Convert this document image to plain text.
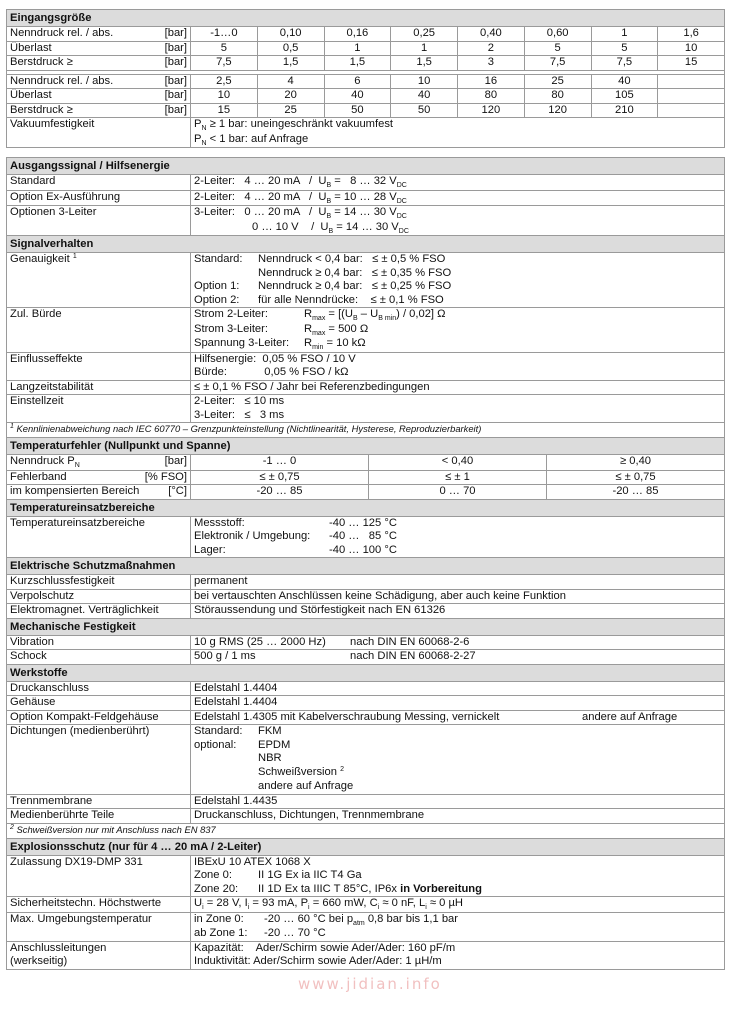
Eingangsgröße								

Nenndruck rel. / abs. [bar]	-1…0	0,10	0,16	0,25	0,40	0,60	1	1,6

Überlast [bar]	5	0,5	1	1	2	5	5	10

Berstdruck ≥ [bar]	7,5	1,5	1,5	1,5	3	7,5	7,5	15

Nenndruck rel. / abs. [bar]	2,5	4	6	10	16	25	40	

Überlast [bar]	10	20	40	40	80	80	105	

Berstdruck ≥ [bar]	15	25	50	50	120	120	210	
Vakuumfestigkeit	$P_N \ge 1$ bar: uneingeschränkt vakuumfest
$P_N < 1$ bar: auf Anfrage							
Ausgangssignal / Hilfsenergie	
Standard	2-Leiter:   4 … 20 mA   /  $U_B = 8$ … 32 $V_{DC}$
Option Ex-Ausführung	2-Leiter:   4 … 20 mA   /  $U_B = 10$ … 28 $V_{DC}$
Optionen 3-Leiter	3-Leiter:   0 … 20 mA   /  $U_B = 14$ … 30 $V_{DC}$
0 … 10 V    /  $U_B = 14$ … 30 $V_{DC}$

Signalverhalten	
Genauigkeit $^1$	Standard: Nenndruck < 0,4 bar:   ≤ ± 0,5 % FSO
Nenndruck ≥ 0,4 bar:   ≤ ± 0,35 % FSO
Option 1: Nenndruck ≥ 0,4 bar:   ≤ ± 0,25 % FSO
Option 2: für alle Nenndrücke:    ≤ ± 0,1 % FSO

Zul. Bürde	Strom 2-Leiter: $R_{max} = [(U_B - U_{B min}) / 0,02]$ Ω
Strom 3-Leiter: $R_{max} = 500$ Ω
Spannung 3-Leiter: $R_{min} = 10$ kΩ

Einflusseffekte	Hilfsenergie:  0,05 % FSO / 10 V
Bürde:            0,05 % FSO / kΩ

Langzeitstabilität	≤ ± 0,1 % FSO / Jahr bei Referenzbedingungen
Einstellzeit	2-Leiter:   ≤ 10 ms
3-Leiter:   ≤   3 ms

$^1$ Kennlinienabweichung nach IEC 60770 – Grenzpunkteinstellung (Nichtlinearität, Hysterese, Reproduzierbarkeit)	
Temperaturfehler (Nullpunkt und Spanne)			

Nenndruck $P_N$ [bar]	-1 … 0	< 0,40	≥ 0,40

Fehlerband [% FSO]	≤ ± 0,75	≤ ± 1	≤ ± 0,75

im kompensierten Bereich [°C]	-20 … 85	0 … 70	-20 … 85
Temperatureinsatzbereiche	
Temperatureinsatzbereiche	Messstoff: -40 … 125 °C
Elektronik / Umgebung: -40 …   85 °C
Lager: -40 … 100 °C

Elektrische Schutzmaßnahmen	
Kurzschlussfestigkeit	permanent
Verpolschutz	bei vertauschten Anschlüssen keine Schädigung, aber auch keine Funktion
Elektromagnet. Verträglichkeit	Störaussendung und Störfestigkeit nach EN 61326
Mechanische Festigkeit	
Vibration	10 g RMS (25 … 2000 Hz) nach DIN EN 60068-2-6
Schock	500 g / 1 ms nach DIN EN 60068-2-27
Werkstoffe	
Druckanschluss	Edelstahl 1.4404
Gehäuse	Edelstahl 1.4404
Option Kompakt-Feldgehäuse	Edelstahl 1.4305 mit Kabelverschraubung Messing, vernickelt andere auf Anfrage
Dichtungen (medienberührt)	Standard: FKM
optional: EPDM
NBR
Schweißversion $^2$
andere auf Anfrage

Trennmembrane	Edelstahl 1.4435
Medienberührte Teile	Druckanschluss, Dichtungen, Trennmembrane
$^2$ Schweißversion nur mit Anschluss nach EN 837	
Explosionsschutz (nur für 4 … 20 mA / 2-Leiter)	
Zulassung DX19-DMP 331	IBExU 10 ATEX 1068 X
Zone 0: II 1G Ex ia IIC T4 Ga
Zone 20: II 1D Ex ta IIIC T 85°C, IP6x in Vorbereitung

Sicherheitstechn. Höchstwerte	$U_i = 28$ V, $I_i = 93$ mA, $P_i = 660$ mW, $C_i \approx 0$ nF, $L_i \approx 0$ µH
Max. Umgebungstemperatur	in Zone 0: -20 … 60 °C bei $p_{atm}$ 0,8 bar bis 1,1 bar
ab Zone 1: -20 … 70 °C

Anschlussleitungen
(werkseitig)	Kapazität:    Ader/Schirm sowie Ader/Ader: 160 pF/m
Induktivität: Ader/Schirm sowie Ader/Ader: 1 µH/m
www.jidian.info
